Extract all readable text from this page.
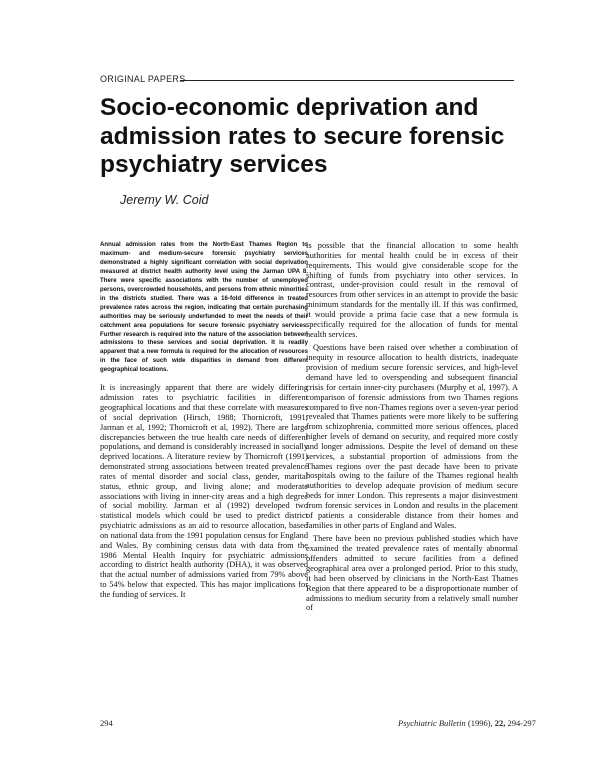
ORIGINAL PAPERS
Socio-economic deprivation and admission rates to secure forensic psychiatry services
Jeremy W. Coid

Annual admission rates from the North-East Thames Region to maximum- and medium-secure forensic psychiatry services demonstrated a highly significant correlation with social deprivation measured at district health authority level using the Jarman UPA 8. There were specific associations with the number of unemployed persons, overcrowded households, and persons from ethnic minorities in the districts studied. There was a 16-fold difference in treated prevalence rates across the region, indicating that certain purchasing authorities may be seriously underfunded to meet the needs of their catchment area populations for secure forensic psychiatry services. Further research is required into the nature of the association between admissions to these services and social deprivation. It is readily apparent that a new formula is required for the allocation of resources in the face of such wide disparities in demand from different geographical locations.

It is increasingly apparent that there are widely differing admission rates to psychiatric facilities in different geographical locations and that these correlate with measures of social deprivation (Hirsch, 1988; Thornicroft, 1991; Jarman et al, 1992; Thornicroft et al, 1992). There are large discrepancies between the true health care needs of different populations, and demand is considerably increased in socially deprived locations. A literature review by Thornicroft (1991) demonstrated strong associations between treated prevalence rates of mental disorder and social class, gender, marital status, ethnic group, and living alone; and moderate associations with living in inner-city areas and a high degree of social mobility. Jarman et al (1992) developed two statistical models which could be used to predict district psychiatric admissions as an aid to resource allocation, based on national data from the 1991 population census for England and Wales. By combining census data with data from the 1986 Mental Health Inquiry for psychiatric admissions according to district health authority (DHA), it was observed that the actual number of admissions varied from 79% above to 54% below that expected. This has major implications for the funding of services. It

is possible that the financial allocation to some health authorities for mental health could be in excess of their requirements. This would give considerable scope for the shifting of funds from psychiatry into other services. In contrast, under-provision could result in the removal of resources from other services in an attempt to provide the basic minimum standards for the mentally ill. If this was confirmed, it would provide a prima facie case that a new formula is specifically required for the allocation of funds for mental health services.

Questions have been raised over whether a combination of inequity in resource allocation to health districts, inadequate provision of medium secure forensic services, and high-level demand have led to overspending and subsequent financial crisis for certain inner-city purchasers (Murphy et al, 1997). A comparison of forensic admissions from two Thames regions compared to five non-Thames regions over a seven-year period revealed that Thames patients were more likely to be suffering from schizophrenia, committed more serious offences, placed higher levels of demand on security, and required more costly and longer admissions. Despite the level of demand on these services, a substantial proportion of admissions from the Thames regions over the past decade have been to private hospitals owing to the failure of the Thames regional health authorities to develop adequate provision of medium secure beds for inner London. This represents a major disinvestment from forensic services in London and results in the placement of patients a considerable distance from their homes and families in other parts of England and Wales.

There have been no previous published studies which have examined the treated prevalence rates of mentally abnormal offenders admitted to secure facilities from a defined geographical area over a prolonged period. Prior to this study, it had been observed by clinicians in the North-East Thames Region that there appeared to be a disproportionate number of admissions to medium security from a relatively small number of

294	Psychiatric Bulletin (1996), 22, 294-297
